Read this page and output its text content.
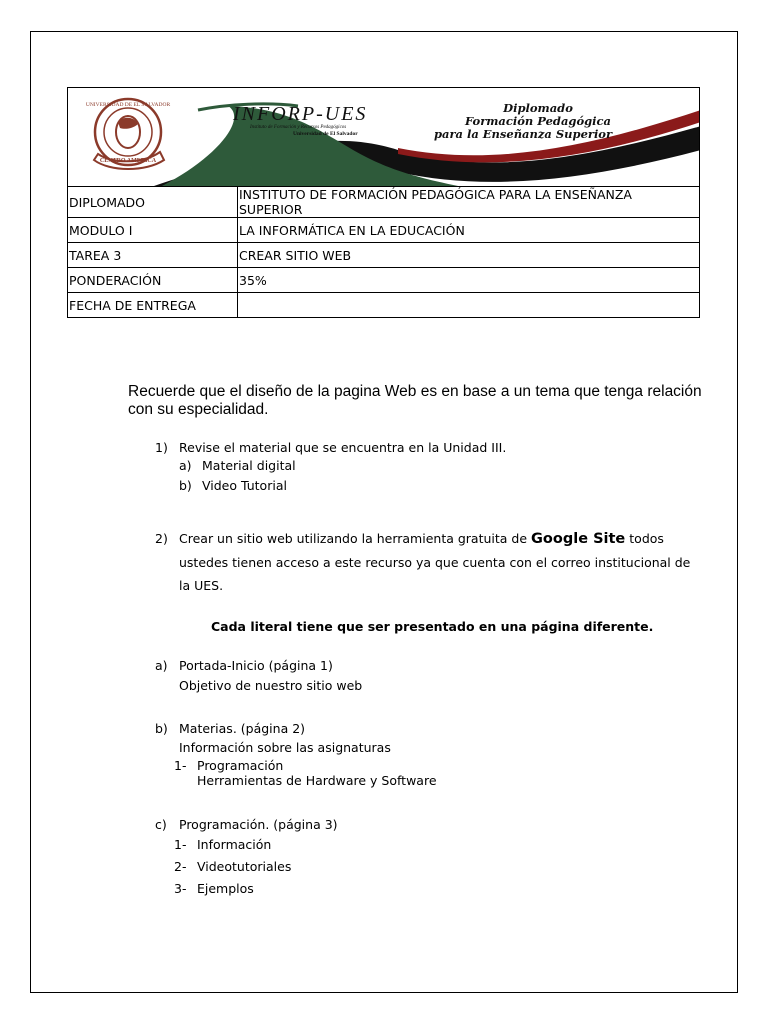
UNIVERSIDAD DE EL SALVADOR
CENTRO AMERICA
INFORP-UES
Instituto de Formación y Recursos Pedagógicos
Universidad de El Salvador
Diplomado
Formación Pedagógica
para la Enseñanza Superior
DIPLOMADO	INSTITUTO DE FORMACIÓN PEDAGÓGICA PARA LA ENSEÑANZA SUPERIOR
MODULO I	LA INFORMÁTICA EN LA EDUCACIÓN
TAREA 3	CREAR SITIO WEB
PONDERACIÓN	35%
FECHA DE ENTREGA	
Recuerde que el diseño de la pagina Web es en base a un tema que tenga relación con su especialidad.
1) Revise el material que se encuentra en la Unidad III.
a) Material digital
b) Video Tutorial
2) Crear un sitio web utilizando la herramienta gratuita de Google Site todos
ustedes tienen acceso a este recurso ya que cuenta con el correo institucional de
la UES.
Cada literal tiene que ser presentado en una página diferente.
a) Portada-Inicio (página 1)
Objetivo de nuestro sitio web
b) Materias. (página 2)
Información sobre las asignaturas
1- Programación
Herramientas de Hardware y Software
c) Programación. (página 3)
1- Información
2- Videotutoriales
3- Ejemplos
